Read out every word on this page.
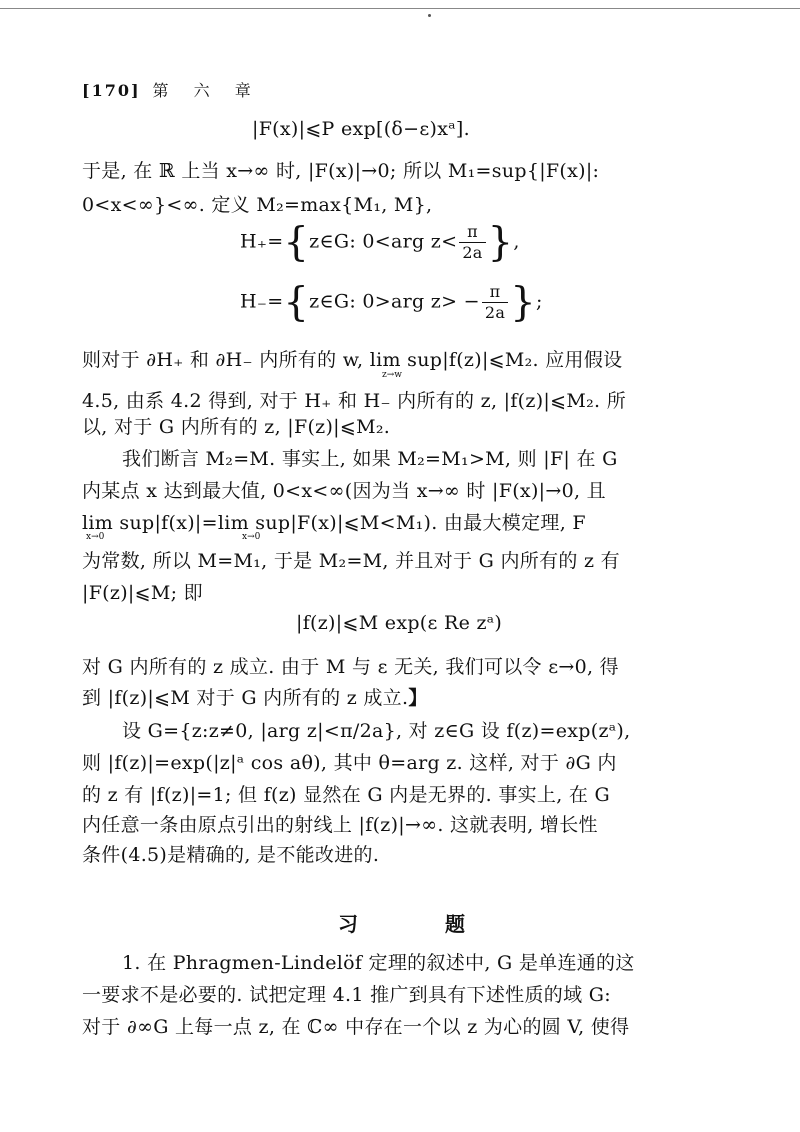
[170] 第 六 章
|F(x)|⩽P exp[(δ−ε)xᵃ].
于是, 在 ℝ 上当 x→∞ 时, |F(x)|→0; 所以 M₁=sup{|F(x)|:
0<x<∞}<∞. 定义 M₂=max{M₁, M},
H₊={z∈G: 0<arg $z< \frac{\pi}{2a}$ },
H₋={z∈G: 0>arg $z> - \frac{\pi}{2a}$ };
则对于 ∂H₊ 和 ∂H₋ 内所有的 w, lim sup|f(z)|⩽M₂. 应用假设
z→w
4.5, 由系 4.2 得到, 对于 H₊ 和 H₋ 内所有的 z, |f(z)|⩽M₂. 所
以, 对于 G 内所有的 z, |F(z)|⩽M₂.
我们断言 M₂=M. 事实上, 如果 M₂=M₁>M, 则 |F| 在 G
内某点 x 达到最大值, 0<x<∞(因为当 x→∞ 时 |F(x)|→0, 且
lim sup|f(x)|=lim sup|F(x)|⩽M<M₁). 由最大模定理, F
x→0	x→0
为常数, 所以 M=M₁, 于是 M₂=M, 并且对于 G 内所有的 z 有
|F(z)|⩽M; 即
|f(z)|⩽M exp(ε Re zᵃ)
对 G 内所有的 z 成立. 由于 M 与 ε 无关, 我们可以令 ε→0, 得
到 |f(z)|⩽M 对于 G 内所有的 z 成立.】
设 G={z:z≠0, |arg z|<π/2a}, 对 z∈G 设 f(z)=exp(zᵃ),
则 |f(z)|=exp(|z|ᵃ cos aθ), 其中 θ=arg z. 这样, 对于 ∂G 内
的 z 有 |f(z)|=1; 但 f(z) 显然在 G 内是无界的. 事实上, 在 G
内任意一条由原点引出的射线上 |f(z)|→∞. 这就表明, 增长性
条件(4.5)是精确的, 是不能改进的.
习 题
1. 在 Phragmen-Lindelöf 定理的叙述中, G 是单连通的这
一要求不是必要的. 试把定理 4.1 推广到具有下述性质的域 G:
对于 ∂∞G 上每一点 z, 在 ℂ∞ 中存在一个以 z 为心的圆 V, 使得
